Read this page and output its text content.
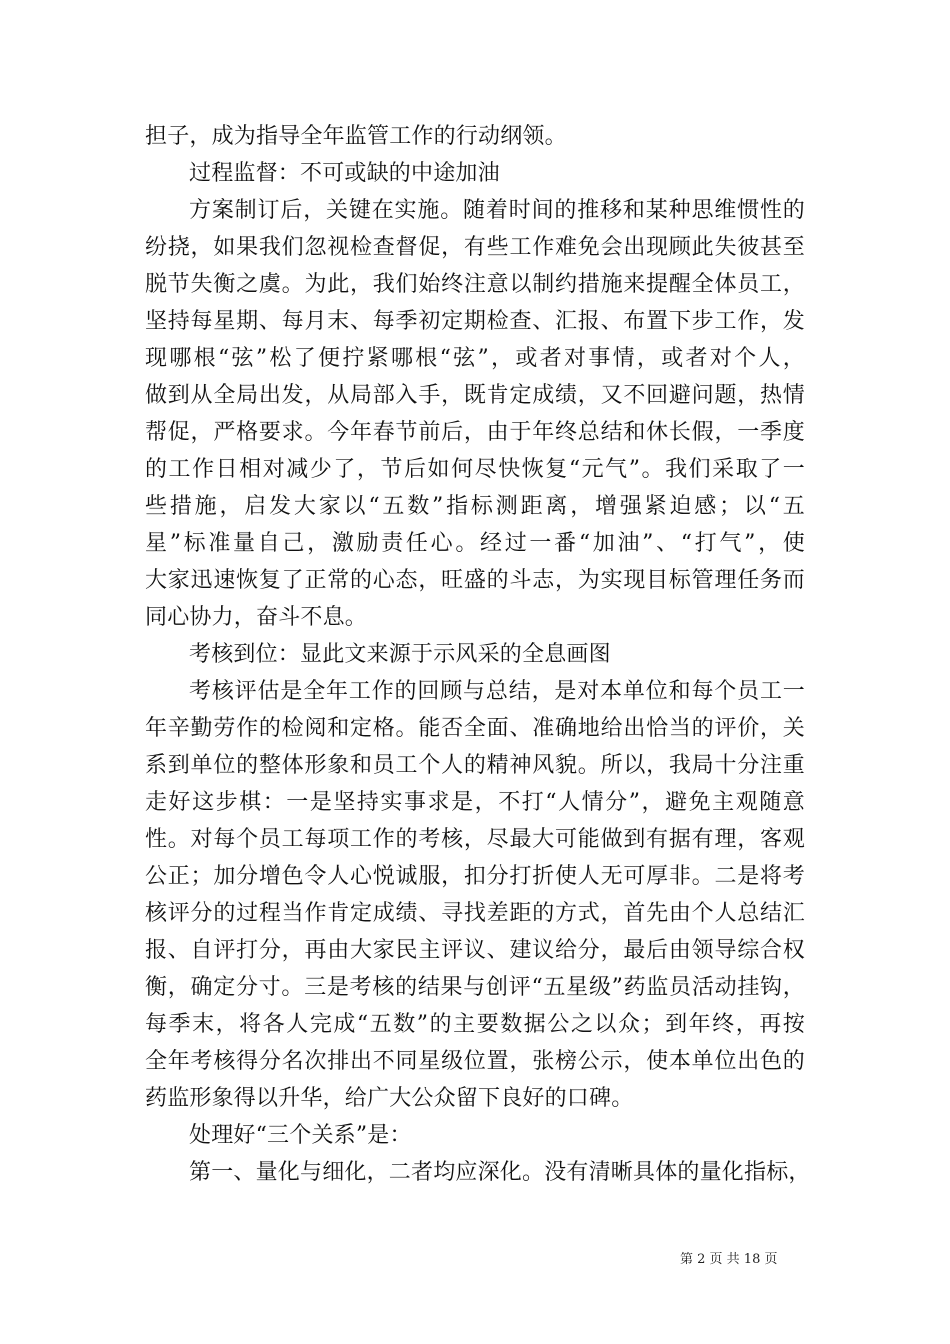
担子，成为指导全年监管工作的行动纲领。
过程监督：不可或缺的中途加油
方案制订后，关键在实施。随着时间的推移和某种思维惯性的
纷挠，如果我们忽视检查督促，有些工作难免会出现顾此失彼甚至
脱节失衡之虞。为此，我们始终注意以制约措施来提醒全体员工，
坚持每星期、每月末、每季初定期检查、汇报、布置下步工作，发
现哪根“弦”松了便拧紧哪根“弦”，或者对事情，或者对个人，
做到从全局出发，从局部入手，既肯定成绩，又不回避问题，热情
帮促，严格要求。今年春节前后，由于年终总结和休长假，一季度
的工作日相对减少了，节后如何尽快恢复“元气”。我们采取了一
些措施，启发大家以“五数”指标测距离，增强紧迫感；以“五
星”标准量自己，激励责任心。经过一番“加油”、“打气”，使
大家迅速恢复了正常的心态，旺盛的斗志，为实现目标管理任务而
同心协力，奋斗不息。
考核到位：显此文来源于示风采的全息画图
考核评估是全年工作的回顾与总结，是对本单位和每个员工一
年辛勤劳作的检阅和定格。能否全面、准确地给出恰当的评价，关
系到单位的整体形象和员工个人的精神风貌。所以，我局十分注重
走好这步棋：一是坚持实事求是，不打“人情分”，避免主观随意
性。对每个员工每项工作的考核，尽最大可能做到有据有理，客观
公正；加分增色令人心悦诚服，扣分打折使人无可厚非。二是将考
核评分的过程当作肯定成绩、寻找差距的方式，首先由个人总结汇
报、自评打分，再由大家民主评议、建议给分，最后由领导综合权
衡，确定分寸。三是考核的结果与创评“五星级”药监员活动挂钩，
每季末，将各人完成“五数”的主要数据公之以众；到年终，再按
全年考核得分名次排出不同星级位置，张榜公示，使本单位出色的
药监形象得以升华，给广大公众留下良好的口碑。
处理好“三个关系”是：
第一、量化与细化，二者均应深化。没有清晰具体的量化指标，
第 2 页 共 18 页
